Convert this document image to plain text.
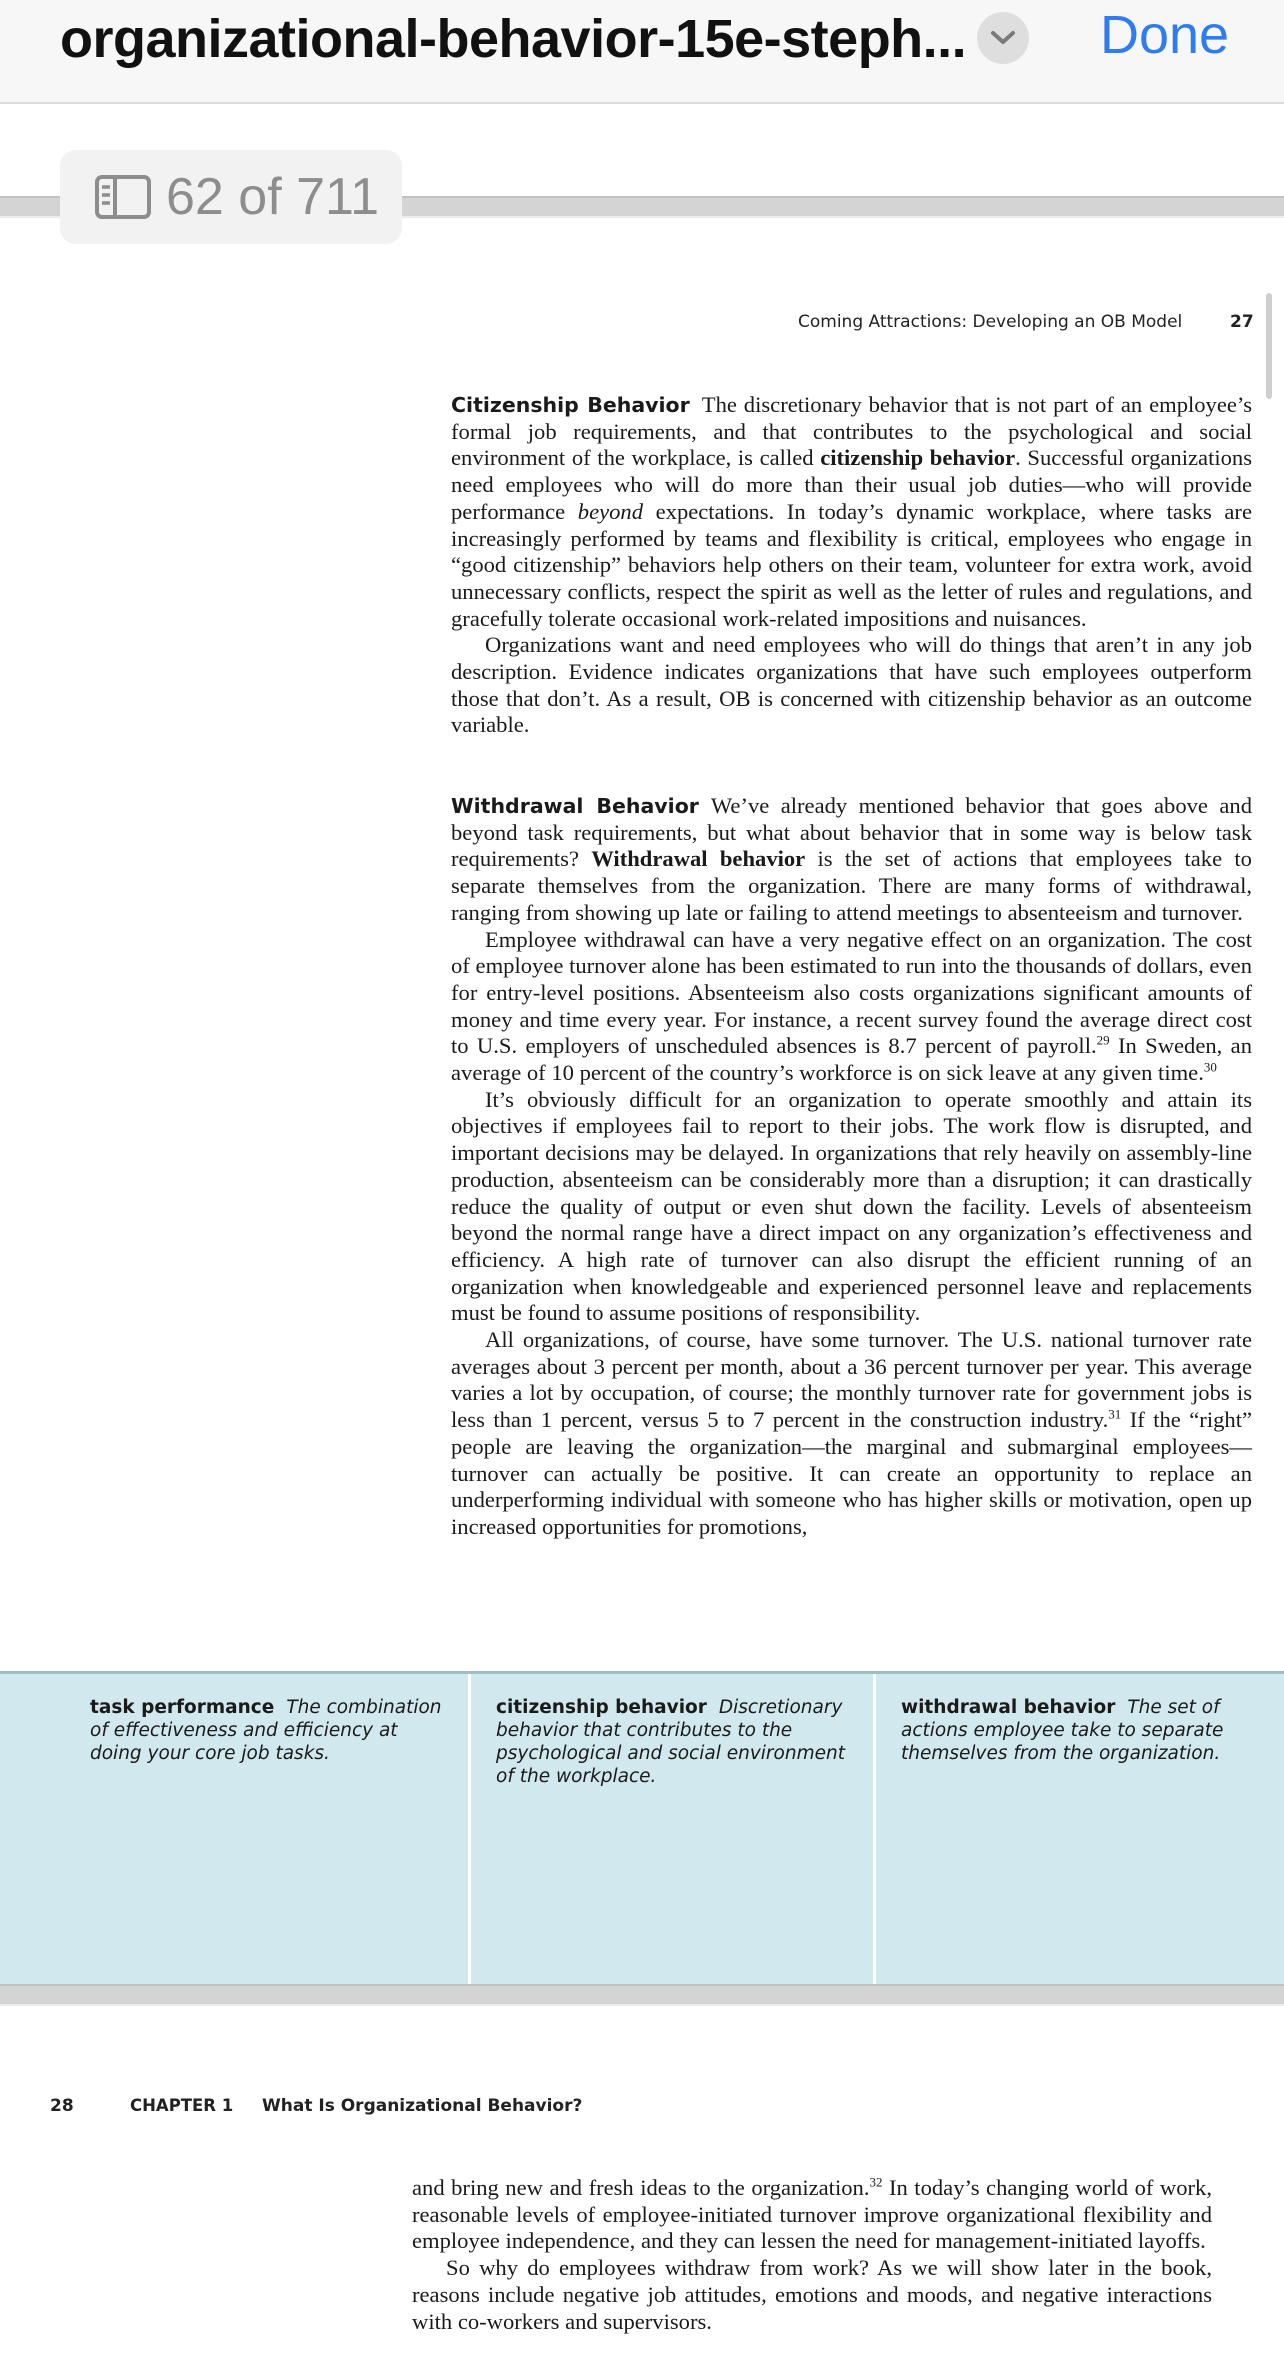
organizational-behavior-15e-steph... Done
62 of 711
Coming Attractions: Developing an OB Model	27

Citizenship Behavior The discretionary behavior that is not part of an employee’s formal job requirements, and that contributes to the psychological and social environment of the workplace, is called citizenship behavior. Successful organizations need employees who will do more than their usual job duties—who will provide performance beyond expectations. In today’s dynamic workplace, where tasks are increasingly performed by teams and flexibility is critical, employees who engage in “good citizenship” behaviors help others on their team, volunteer for extra work, avoid unnecessary conflicts, respect the spirit as well as the letter of rules and regulations, and gracefully tolerate occasional work-related impositions and nuisances.

Organizations want and need employees who will do things that aren’t in any job description. Evidence indicates organizations that have such employees outperform those that don’t. As a result, OB is concerned with citizenship behavior as an outcome variable.

Withdrawal Behavior We’ve already mentioned behavior that goes above and beyond task requirements, but what about behavior that in some way is below task requirements? Withdrawal behavior is the set of actions that employees take to separate themselves from the organization. There are many forms of withdrawal, ranging from showing up late or failing to attend meetings to absenteeism and turnover.

Employee withdrawal can have a very negative effect on an organization. The cost of employee turnover alone has been estimated to run into the thousands of dollars, even for entry-level positions. Absenteeism also costs organizations significant amounts of money and time every year. For instance, a recent survey found the average direct cost to U.S. employers of unscheduled absences is 8.7 percent of payroll.$^{29}$ In Sweden, an average of 10 percent of the country’s workforce is on sick leave at any given time.$^{30}$

It’s obviously difficult for an organization to operate smoothly and attain its objectives if employees fail to report to their jobs. The work flow is disrupted, and important decisions may be delayed. In organizations that rely heavily on assembly-line production, absenteeism can be considerably more than a disruption; it can drastically reduce the quality of output or even shut down the facility. Levels of absenteeism beyond the normal range have a direct impact on any organization’s effectiveness and efficiency. A high rate of turnover can also disrupt the efficient running of an organization when knowledgeable and experienced personnel leave and replacements must be found to assume positions of responsibility.

All organizations, of course, have some turnover. The U.S. national turnover rate averages about 3 percent per month, about a 36 percent turnover per year. This average varies a lot by occupation, of course; the monthly turnover rate for government jobs is less than 1 percent, versus 5 to 7 percent in the construction industry.$^{31}$ If the “right” people are leaving the organization—the marginal and submarginal employees—turnover can actually be positive. It can create an opportunity to replace an underperforming individual with someone who has higher skills or motivation, open up increased opportunities for promotions,

task performance The combination of effectiveness and efficiency at doing your core job tasks.
citizenship behavior Discretionary behavior that contributes to the psychological and social environment of the workplace.
withdrawal behavior The set of actions employee take to separate themselves from the organization.
28	CHAPTER 1 What Is Organizational Behavior?

and bring new and fresh ideas to the organization.$^{32}$ In today’s changing world of work, reasonable levels of employee-initiated turnover improve organizational flexibility and employee independence, and they can lessen the need for management-initiated layoffs.

So why do employees withdraw from work? As we will show later in the book, reasons include negative job attitudes, emotions and moods, and negative interactions with co-workers and supervisors.
